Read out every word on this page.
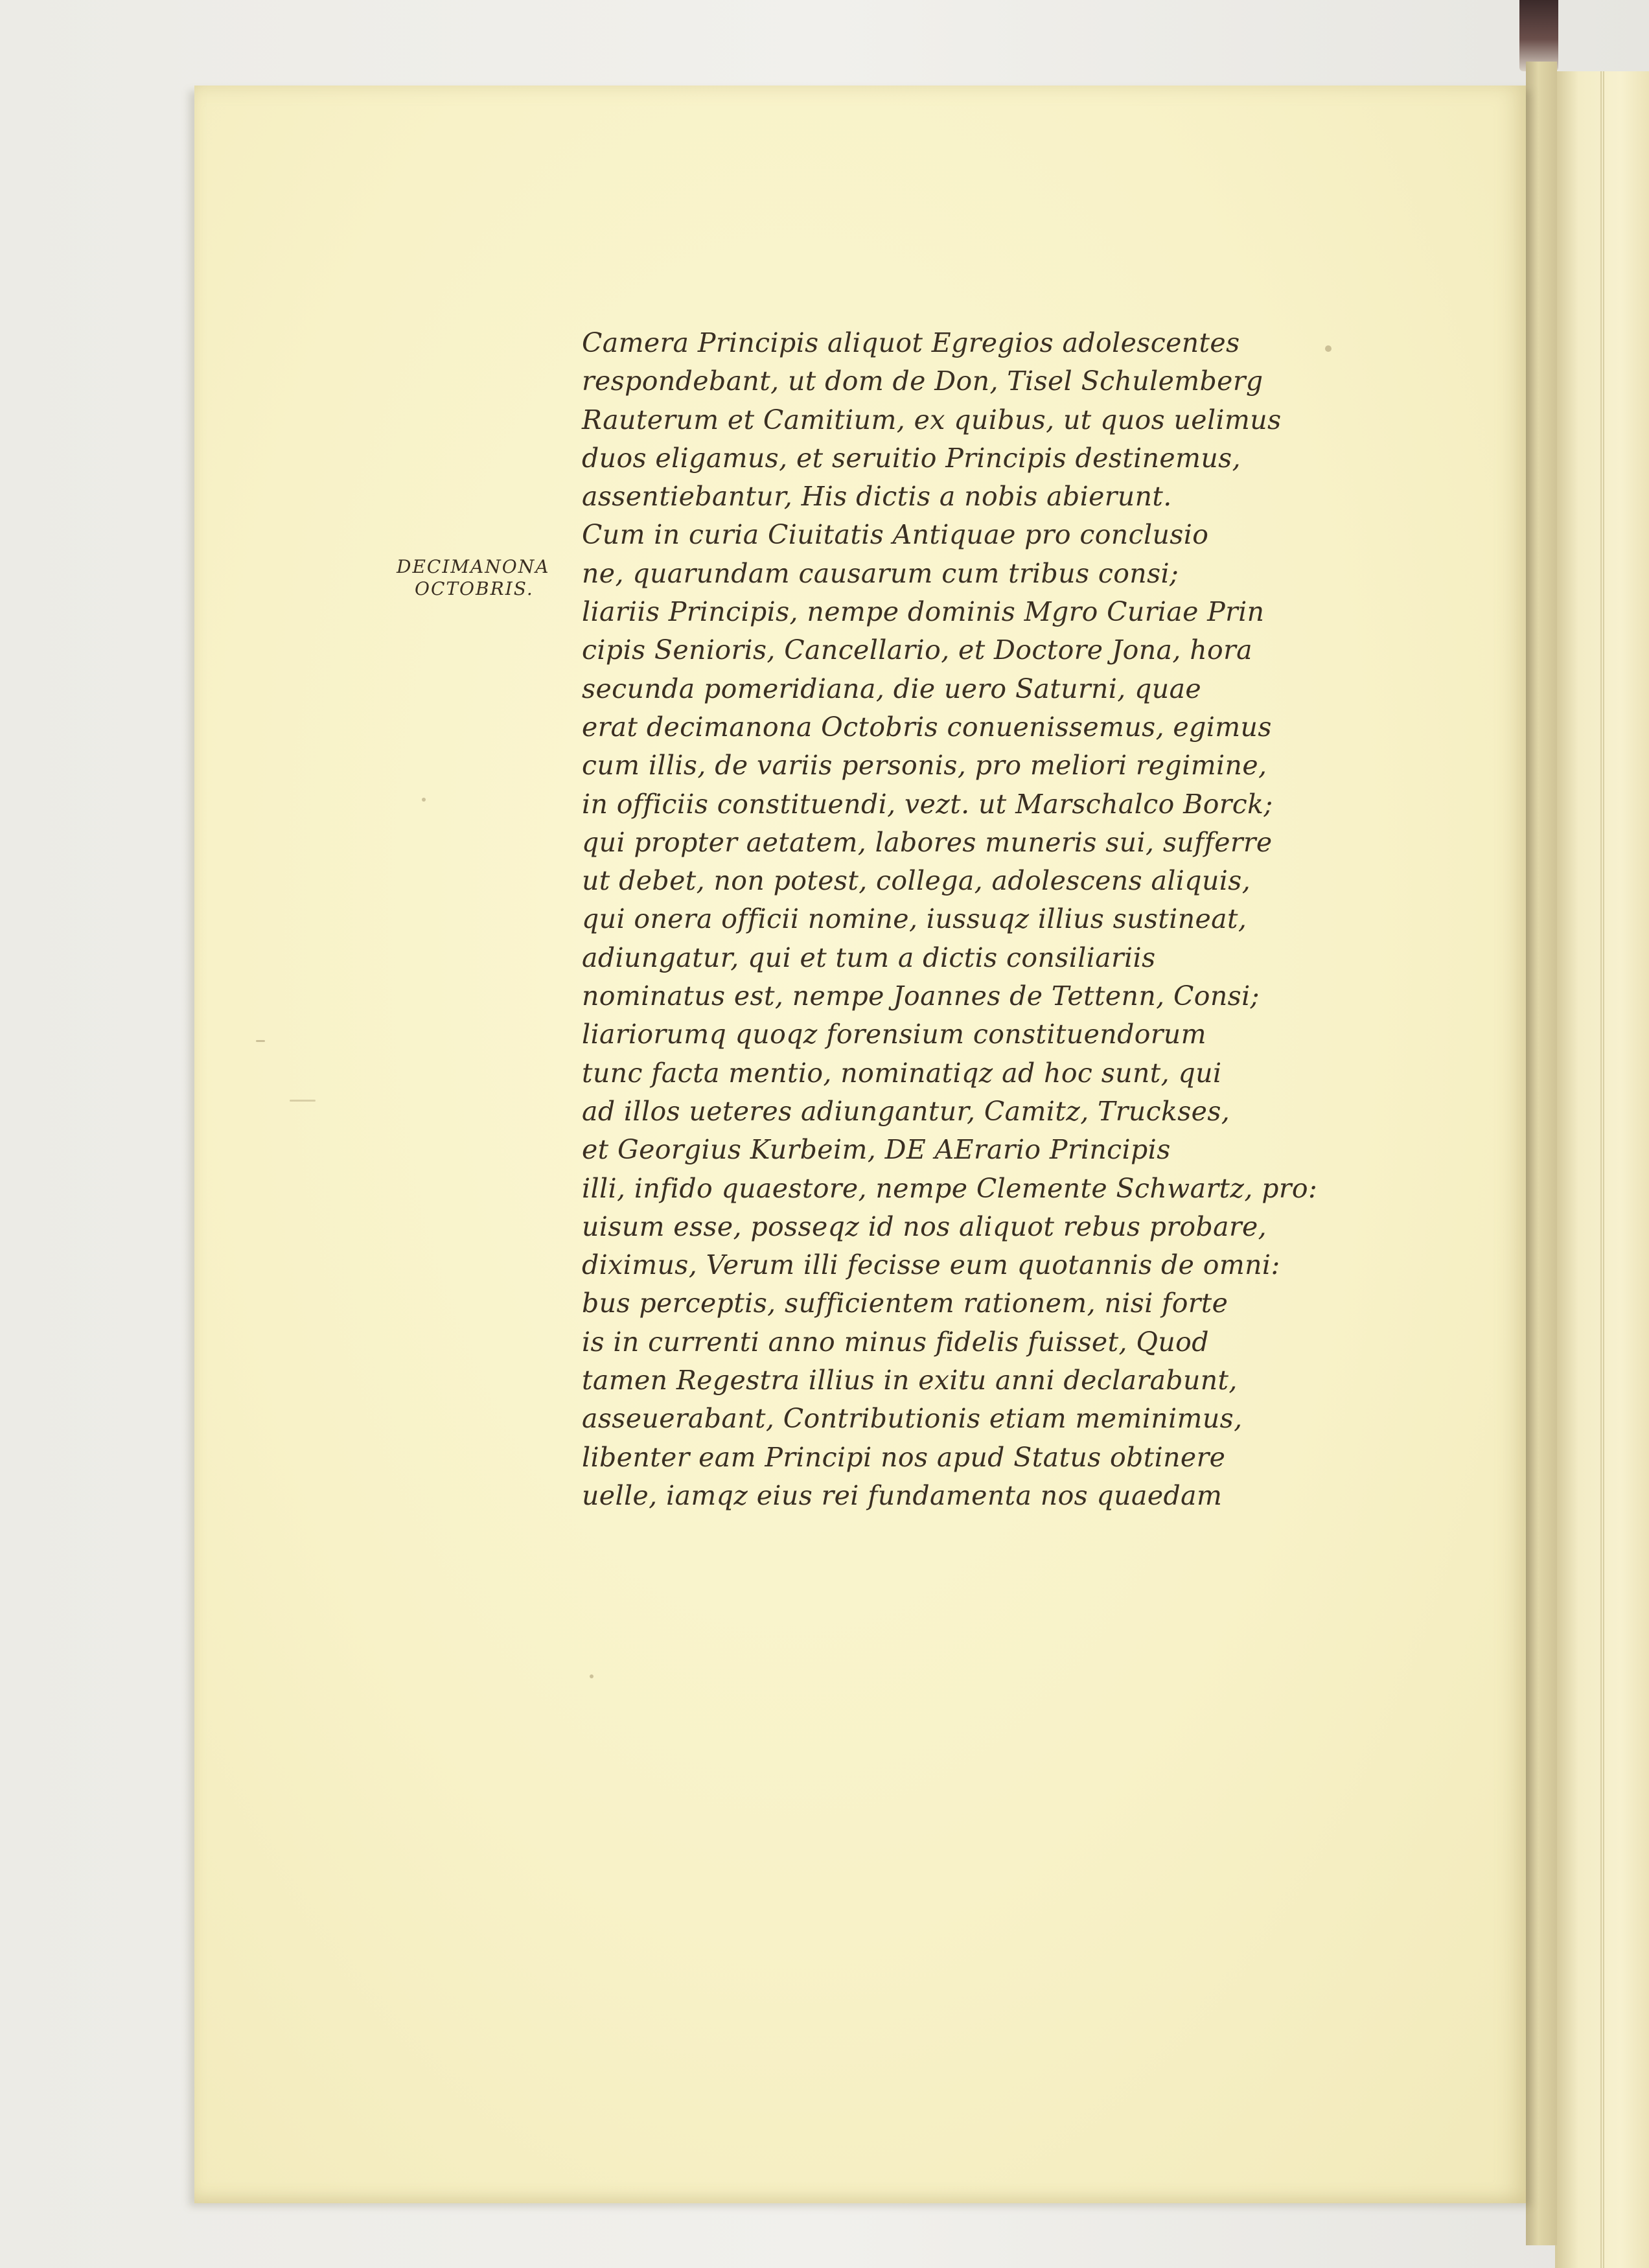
DECIMANONA
OCTOBRIS.
Camera Principis aliquot Egregios adolescentes
respondebant, ut dom de Don, Tisel Schulemberg
Rauterum et Camitium, ex quibus, ut quos uelimus
duos eligamus, et seruitio Principis destinemus,
assentiebantur, His dictis a nobis abierunt.
Cum in curia Ciuitatis Antiquae pro conclusio
ne, quarundam causarum cum tribus consi;
liariis Principis, nempe dominis Mgro Curiae Prin
cipis Senioris, Cancellario, et Doctore Jona, hora
secunda pomeridiana, die uero Saturni, quae
erat decimanona Octobris conuenissemus, egimus
cum illis, de variis personis, pro meliori regimine,
in officiis constituendi, vezt. ut Marschalco Borck;
qui propter aetatem, labores muneris sui, sufferre
ut debet, non potest, collega, adolescens aliquis,
qui onera officii nomine, iussuqz illius sustineat,
adiungatur, qui et tum a dictis consiliariis
nominatus est, nempe Joannes de Tettenn, Consi;
liariorumq quoqz forensium constituendorum
tunc facta mentio, nominatiqz ad hoc sunt, qui
ad illos ueteres adiungantur, Camitz, Truckses,
et Georgius Kurbeim, DE AErario Principis
illi, infido quaestore, nempe Clemente Schwartz, pro:
uisum esse, posseqz id nos aliquot rebus probare,
diximus, Verum illi fecisse eum quotannis de omni:
bus perceptis, sufficientem rationem, nisi forte
is in currenti anno minus fidelis fuisset, Quod
tamen Regestra illius in exitu anni declarabunt,
asseuerabant, Contributionis etiam meminimus,
libenter eam Principi nos apud Status obtinere
uelle, iamqz eius rei fundamenta nos quaedam
